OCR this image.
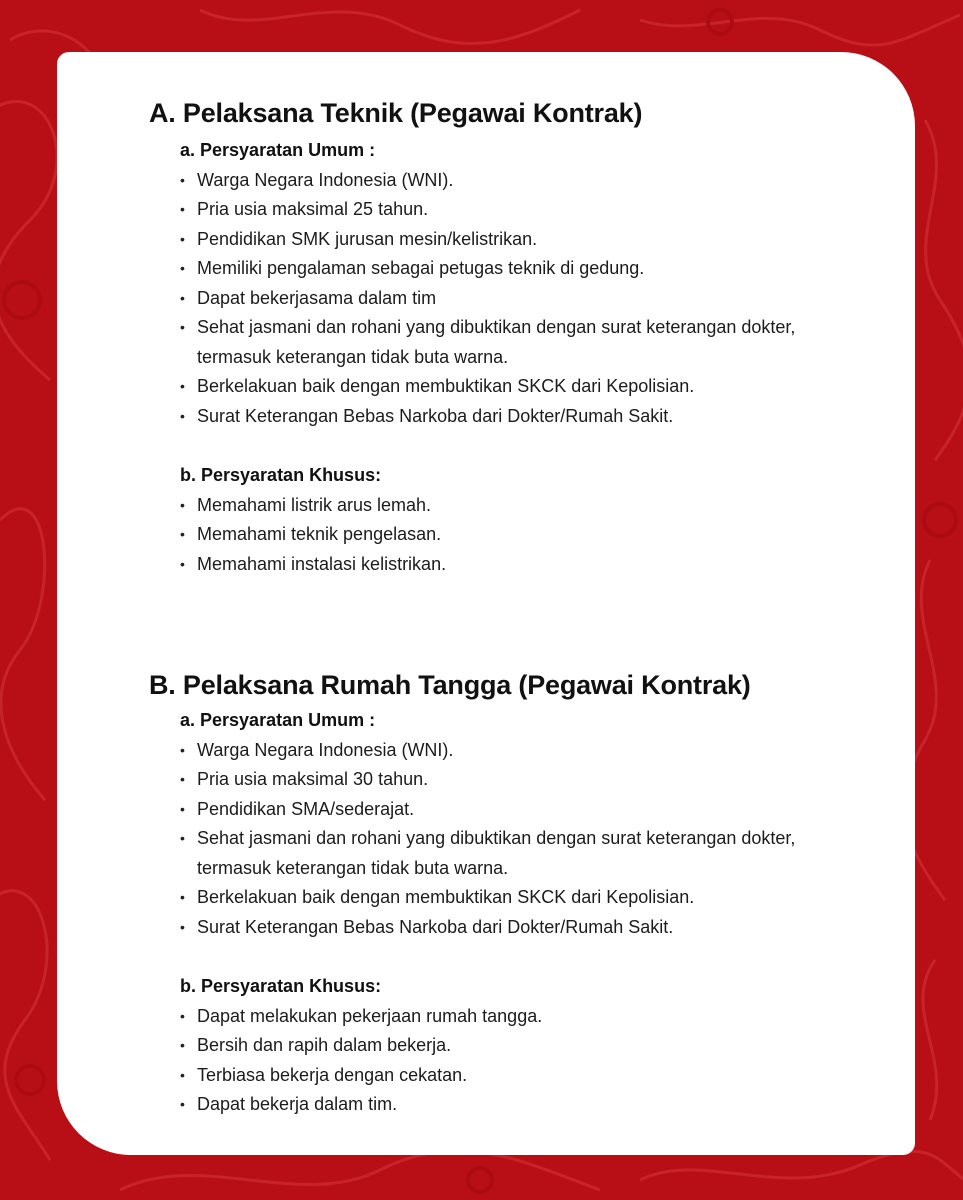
A. Pelaksana Teknik (Pegawai Kontrak)
a. Persyaratan Umum :
• Warga Negara Indonesia (WNI).
• Pria usia maksimal 25 tahun.
• Pendidikan SMK jurusan mesin/kelistrikan.
• Memiliki pengalaman sebagai petugas teknik di gedung.
• Dapat bekerjasama dalam tim
• Sehat jasmani dan rohani yang dibuktikan dengan surat keterangan dokter,
termasuk keterangan tidak buta warna.
• Berkelakuan baik dengan membuktikan SKCK dari Kepolisian.
• Surat Keterangan Bebas Narkoba dari Dokter/Rumah Sakit.
b. Persyaratan Khusus:
• Memahami listrik arus lemah.
• Memahami teknik pengelasan.
• Memahami instalasi kelistrikan.
B. Pelaksana Rumah Tangga (Pegawai Kontrak)
a. Persyaratan Umum :
• Warga Negara Indonesia (WNI).
• Pria usia maksimal 30 tahun.
• Pendidikan SMA/sederajat.
• Sehat jasmani dan rohani yang dibuktikan dengan surat keterangan dokter,
termasuk keterangan tidak buta warna.
• Berkelakuan baik dengan membuktikan SKCK dari Kepolisian.
• Surat Keterangan Bebas Narkoba dari Dokter/Rumah Sakit.
b. Persyaratan Khusus:
• Dapat melakukan pekerjaan rumah tangga.
• Bersih dan rapih dalam bekerja.
• Terbiasa bekerja dengan cekatan.
• Dapat bekerja dalam tim.
